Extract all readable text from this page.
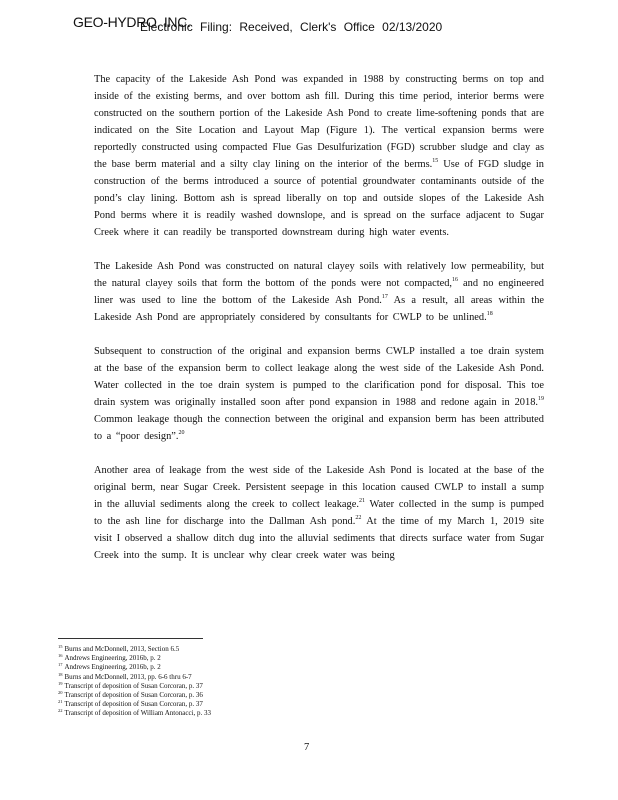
GEO-HYDRO, INC.
Electronic Filing: Received, Clerk's Office 02/13/2020

The capacity of the Lakeside Ash Pond was expanded in 1988 by constructing berms on top and inside of the existing berms, and over bottom ash fill. During this time period, interior berms were constructed on the southern portion of the Lakeside Ash Pond to create lime-softening ponds that are indicated on the Site Location and Layout Map (Figure 1). The vertical expansion berms were reportedly constructed using compacted Flue Gas Desulfurization (FGD) scrubber sludge and clay as the base berm material and a silty clay lining on the interior of the berms.$^{15}$ Use of FGD sludge in construction of the berms introduced a source of potential groundwater contaminants outside of the pond’s clay lining. Bottom ash is spread liberally on top and outside slopes of the Lakeside Ash Pond berms where it is readily washed downslope, and is spread on the surface adjacent to Sugar Creek where it can readily be transported downstream during high water events.

The Lakeside Ash Pond was constructed on natural clayey soils with relatively low permeability, but the natural clayey soils that form the bottom of the ponds were not compacted,$^{16}$ and no engineered liner was used to line the bottom of the Lakeside Ash Pond.$^{17}$ As a result, all areas within the Lakeside Ash Pond are appropriately considered by consultants for CWLP to be unlined.$^{18}$

Subsequent to construction of the original and expansion berms CWLP installed a toe drain system at the base of the expansion berm to collect leakage along the west side of the Lakeside Ash Pond. Water collected in the toe drain system is pumped to the clarification pond for disposal. This toe drain system was originally installed soon after pond expansion in 1988 and redone again in 2018.19 Common leakage though the connection between the original and expansion berm has been attributed to a “poor design”.$^{20}$

Another area of leakage from the west side of the Lakeside Ash Pond is located at the base of the original berm, near Sugar Creek. Persistent seepage in this location caused CWLP to install a sump in the alluvial sediments along the creek to collect leakage.$^{21}$ Water collected in the sump is pumped to the ash line for discharge into the Dallman Ash pond.$^{22}$ At the time of my March 1, 2019 site visit I observed a shallow ditch dug into the alluvial sediments that directs surface water from Sugar Creek into the sump. It is unclear why clear creek water was being

$^{15}$ Burns and McDonnell, 2013, Section 6.5
$^{16}$ Andrews Engineering, 2016b, p. 2
$^{17}$ Andrews Engineering, 2016b, p. 2
$^{18}$ Burns and McDonnell, 2013, pp. 6-6 thru 6-7
$^{19}$ Transcript of deposition of Susan Corcoran, p. 37
$^{20}$ Transcript of deposition of Susan Corcoran, p. 36
$^{21}$ Transcript of deposition of Susan Corcoran, p. 37
$^{22}$ Transcript of deposition of William Antonacci, p. 33
7
